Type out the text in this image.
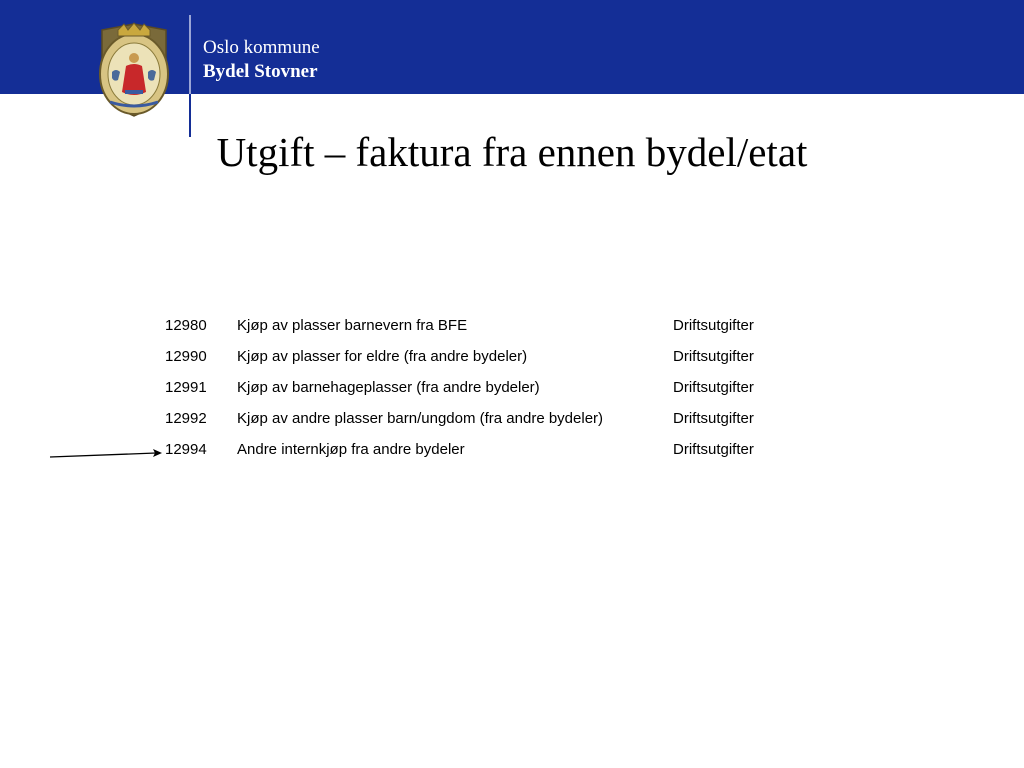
Oslo kommune
Bydel Stovner
Utgift – faktura fra ennen bydel/etat
12980	Kjøp av plasser barnevern fra BFE	Driftsutgifter
12990	Kjøp av plasser for eldre (fra andre bydeler)	Driftsutgifter
12991	Kjøp av barnehageplasser (fra andre bydeler)	Driftsutgifter
12992	Kjøp av andre plasser barn/ungdom (fra andre bydeler)	Driftsutgifter
12994	Andre internkjøp fra andre bydeler	Driftsutgifter
